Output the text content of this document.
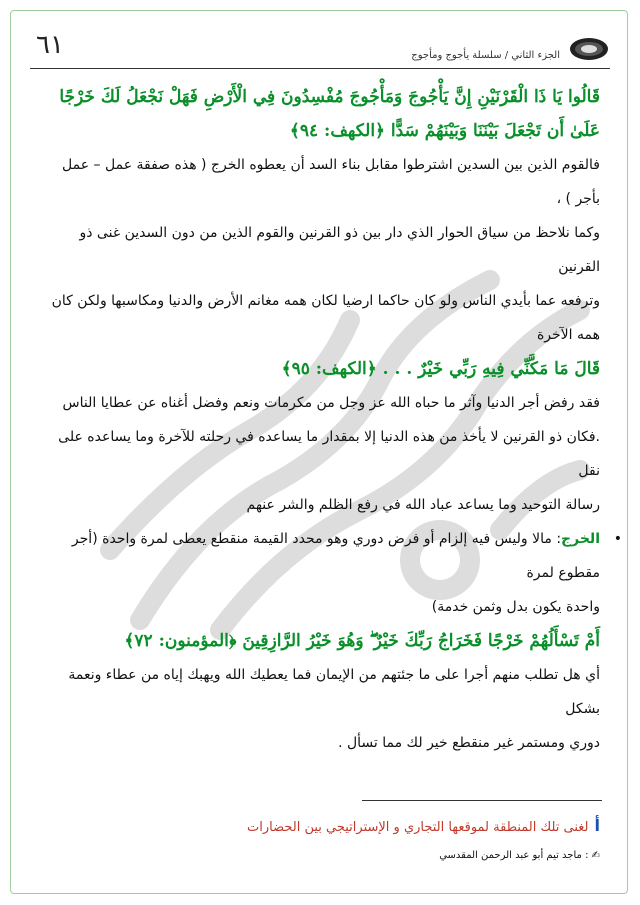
٦١	الجزء الثاني / سلسلة يأجوج ومأجوج

قَالُوا يَا ذَا الْقَرْنَيْنِ إِنَّ يَأْجُوجَ وَمَأْجُوجَ مُفْسِدُونَ فِي الْأَرْضِ فَهَلْ نَجْعَلُ لَكَ خَرْجًا عَلَىٰ أَن تَجْعَلَ بَيْنَنَا وَبَيْنَهُمْ سَدًّا ﴿الكهف: ٩٤﴾

فالقوم الذين بين السدين اشترطوا مقابل بناء السد أن يعطوه الخرج ( هذه صفقة عمل – عمل بأجر ) ،

وكما نلاحظ من سياق الحوار الذي دار بين ذو القرنين والقوم الذين من دون السدين غنى ذو القرنين

وترفعه عما بأيدي الناس ولو كان حاكما ارضيا لكان همه مغانم الأرض والدنيا ومكاسبها ولكن كان

همه الآخرة

قَالَ مَا مَكَّنِّي فِيهِ رَبِّي خَيْرٌ . . . ﴿الكهف: ٩٥﴾

فقد رفض أجر الدنيا وآثر ما حباه الله عز وجل من مكرمات ونعم وفضل أغناه عن عطايا الناس

.فكان ذو القرنين لا يأخذ من هذه الدنيا إلا بمقدار ما يساعده في رحلته للآخرة وما يساعده على نقل

رسالة التوحيد وما يساعد عباد الله في رفع الظلم والشر عنهم

•
الخرج: مالا وليس فيه إلزام أو فرض دوري وهو محدد القيمة منقطع يعطى لمرة واحدة (أجر مقطوع لمرة

واحدة يكون بدل وثمن خدمة)

أَمْ تَسْأَلُهُمْ خَرْجًا فَخَرَاجُ رَبِّكَ خَيْرٌ ۖ وَهُوَ خَيْرُ الرَّازِقِينَ ﴿المؤمنون: ٧٢﴾

أي هل تطلب منهم أجرا على ما جئتهم من الإيمان فما يعطيك الله ويهبك إياه من عطاء ونعمة بشكل

دوري ومستمر غير منقطع خير لك مما تسأل .

ألغنى تلك المنطقة لموقعها التجاري و الإستراتيجي بين الحضارات
✍ : ماجد تيم أبو عبد الرحمن المقدسي
